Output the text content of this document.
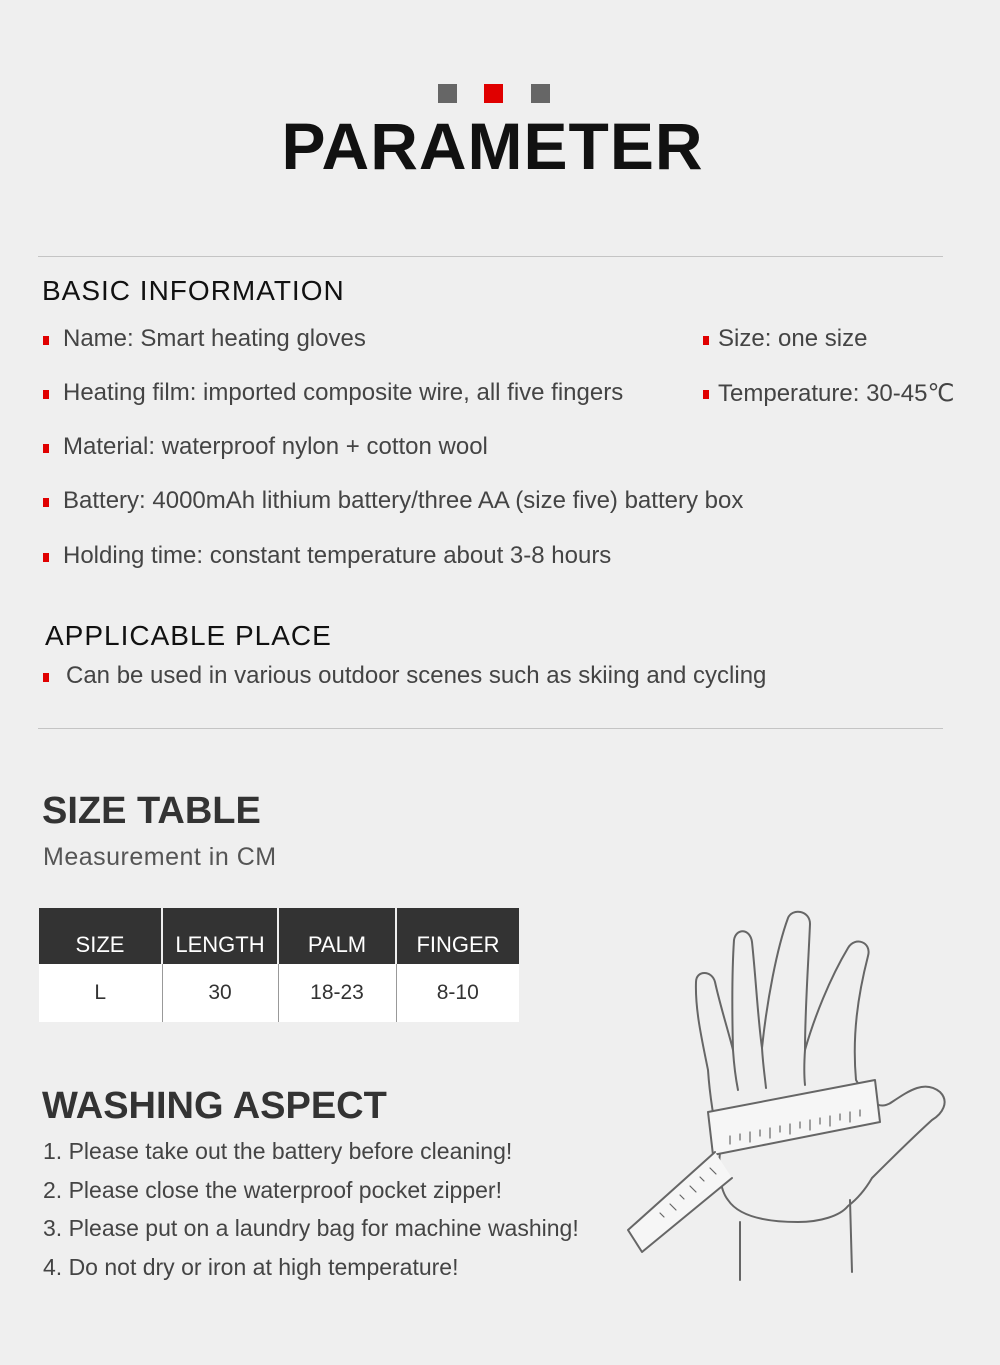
PARAMETER
BASIC INFORMATION
Name: Smart heating gloves
Heating film: imported composite wire, all five fingers
Material: waterproof nylon + cotton wool
Battery: 4000mAh lithium battery/three AA (size five) battery box
Holding time: constant temperature about 3-8 hours
Size: one size
Temperature: 30-45℃
APPLICABLE PLACE
Can be used in various outdoor scenes such as skiing and cycling
SIZE TABLE
Measurement in CM
SIZE	LENGTH	PALM	FINGER
L	30	18-23	8-10
WASHING ASPECT
1. Please take out the battery before cleaning!
2. Please close the waterproof pocket zipper!
3. Please put on a laundry bag for machine washing!
4. Do not dry or iron at high temperature!
